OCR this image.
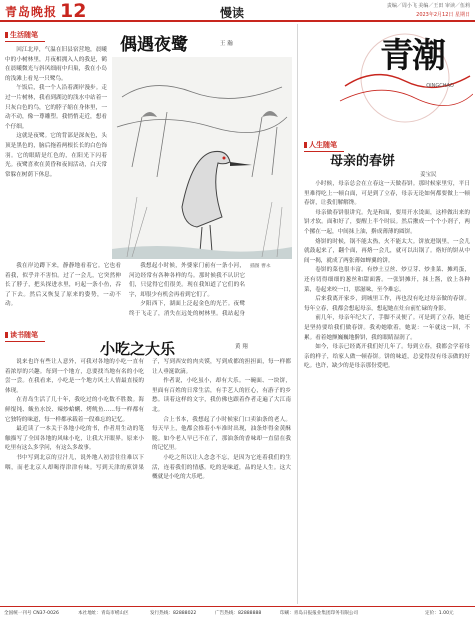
青岛晚报 12	慢读	责编／周小飞 美编／王田 审读／伍莉
2023年2月12日 星期日
生活随笔	偶遇夜鹭	王 瀚
插图 曹永

回江北岸，气温在旧县宿营地，晨曦中的小树林里，月夜相拥入人的我是，鹤在晨曦微光与斜风细雨中归巢，我在小岛的浅滩上看见一只鹭鸟。

午饭后，我一个人沿着湖岸漫步。走过一片树林，我看到湖边的浅水中站着一只灰白色的鸟，它的脖子缩在身体里，一动不动，像一尊雕塑。我悄悄走近，想看个仔细。

这就是夜鹭。它的背部是深灰色，头顶是黑色的，脑后拖着两根长长的白色饰羽。它的眼睛是红色的，在阳光下闪着光。夜鹭喜欢在黄昏和夜间活动，白天常常躲在树荫下休息。

我在岸边蹲下来，静静地看着它。它也看着我，似乎并不害怕。过了一会儿，它突然伸长了脖子，把头探进水里，叼起一条小鱼，吞了下去。然后又恢复了原来的姿势，一动不动。

我想起小时候，外婆家门前有一条小河，河边经常有各种各样的鸟。那时候我不认识它们，只觉得它们很美。现在我知道了它们的名字，却很少有机会再看到它们了。

夕阳西下，湖面上泛起金色的光芒。夜鹭终于飞走了，消失在远处的树林里。我站起身

青潮
QINGCHAO
人生随笔
母亲的春饼
姜宝民

小时候，母亲总会在立春这一天做春饼。那时候家里穷，平日里难得吃上一顿白面，可是到了立春，母亲无论如何都要做上一顿春饼，让我们解解馋。

母亲做春饼很讲究。先是和面，要用开水烫面，这样做出来的饼才软。面和好了，要醒上半个时辰。然后揪成一个个小剂子，两个摞在一起，中间抹上油，擀成薄薄的圆饼。

烙饼的时候，锅不能太热，火不能太大。饼放进锅里，一会儿就鼓起来了，翻个面，再烙一会儿，就可以出锅了。烙好的饼从中间一揭，就成了两张薄如蝉翼的饼。

卷饼的菜也很丰富。有炒土豆丝、炒豆芽、炒韭菜、摊鸡蛋，还有切得细细的葱丝和甜面酱。一张饼摊开，抹上酱，放上各种菜，卷起来咬一口，那滋味，至今难忘。

后来我离开家乡，到城里工作，再也没有吃过母亲做的春饼。每年立春，我都会想起母亲，想起她在灶台前忙碌的身影。

前几年，母亲年纪大了，手脚不灵便了。可是到了立春，她还是坚持要给我们做春饼。我劝她歇着，她说：一年就这一回，不累。看着她颤巍巍地擀饼，我的眼睛湿润了。

如今，母亲已经离开我们好几年了。每到立春，我都会学着母亲的样子，给家人做一顿春饼。饼的味道，总觉得没有母亲做的好吃。也许，缺少的是母亲那份爱吧。

读书随笔
小吃之大乐	黄 翔

说来也许有些让人意外，可我对各地的小吃一直有着浓厚的兴趣。每到一个地方，总要找当地有名的小吃尝一尝。在我看来，小吃是一个地方风土人情最直接的体现。

在青岛生活了几十年，我吃过的小吃数不胜数。海鲜馄饨、鲅鱼水饺、辣炒蛤蜊、烤鱿鱼……每一样都有它独特的味道，每一样都承载着一段难忘的记忆。

最近读了一本关于各地小吃的书，作者用生动的笔触描写了全国各地的风味小吃，让我大开眼界。原来小吃里有这么多学问，有这么多故事。

书中写到北京的豆汁儿，说外地人初尝往往难以下咽，而老北京人却喝得津津有味。写到天津的煎饼果子，写到西安的肉夹馍，写到成都的担担面，每一样都让人垂涎欲滴。

作者说，小吃虽小，却有大乐。一碗面、一块饼，里面有百姓的日常生活，有手艺人的匠心，有游子的乡愁。读着这样的文字，我仿佛也跟着作者走遍了大江南北。

合上书本，我想起了小时候家门口卖油条的老人。每天早上，他都会推着小车准时出现，油条炸得金黄酥脆。如今老人早已不在了，那油条的香味却一直留在我的记忆里。

小吃之所以让人念念不忘，是因为它连着我们的生活，连着我们的情感。吃的是味道，品的是人生。这大概就是小吃的大乐吧。

全国统一刊号 CN37-0026	本社地址：青岛市崂山区	发行热线：82888022	广告热线：82888888	印刷：青岛日报报业集团印务有限公司	定价：1.00元
